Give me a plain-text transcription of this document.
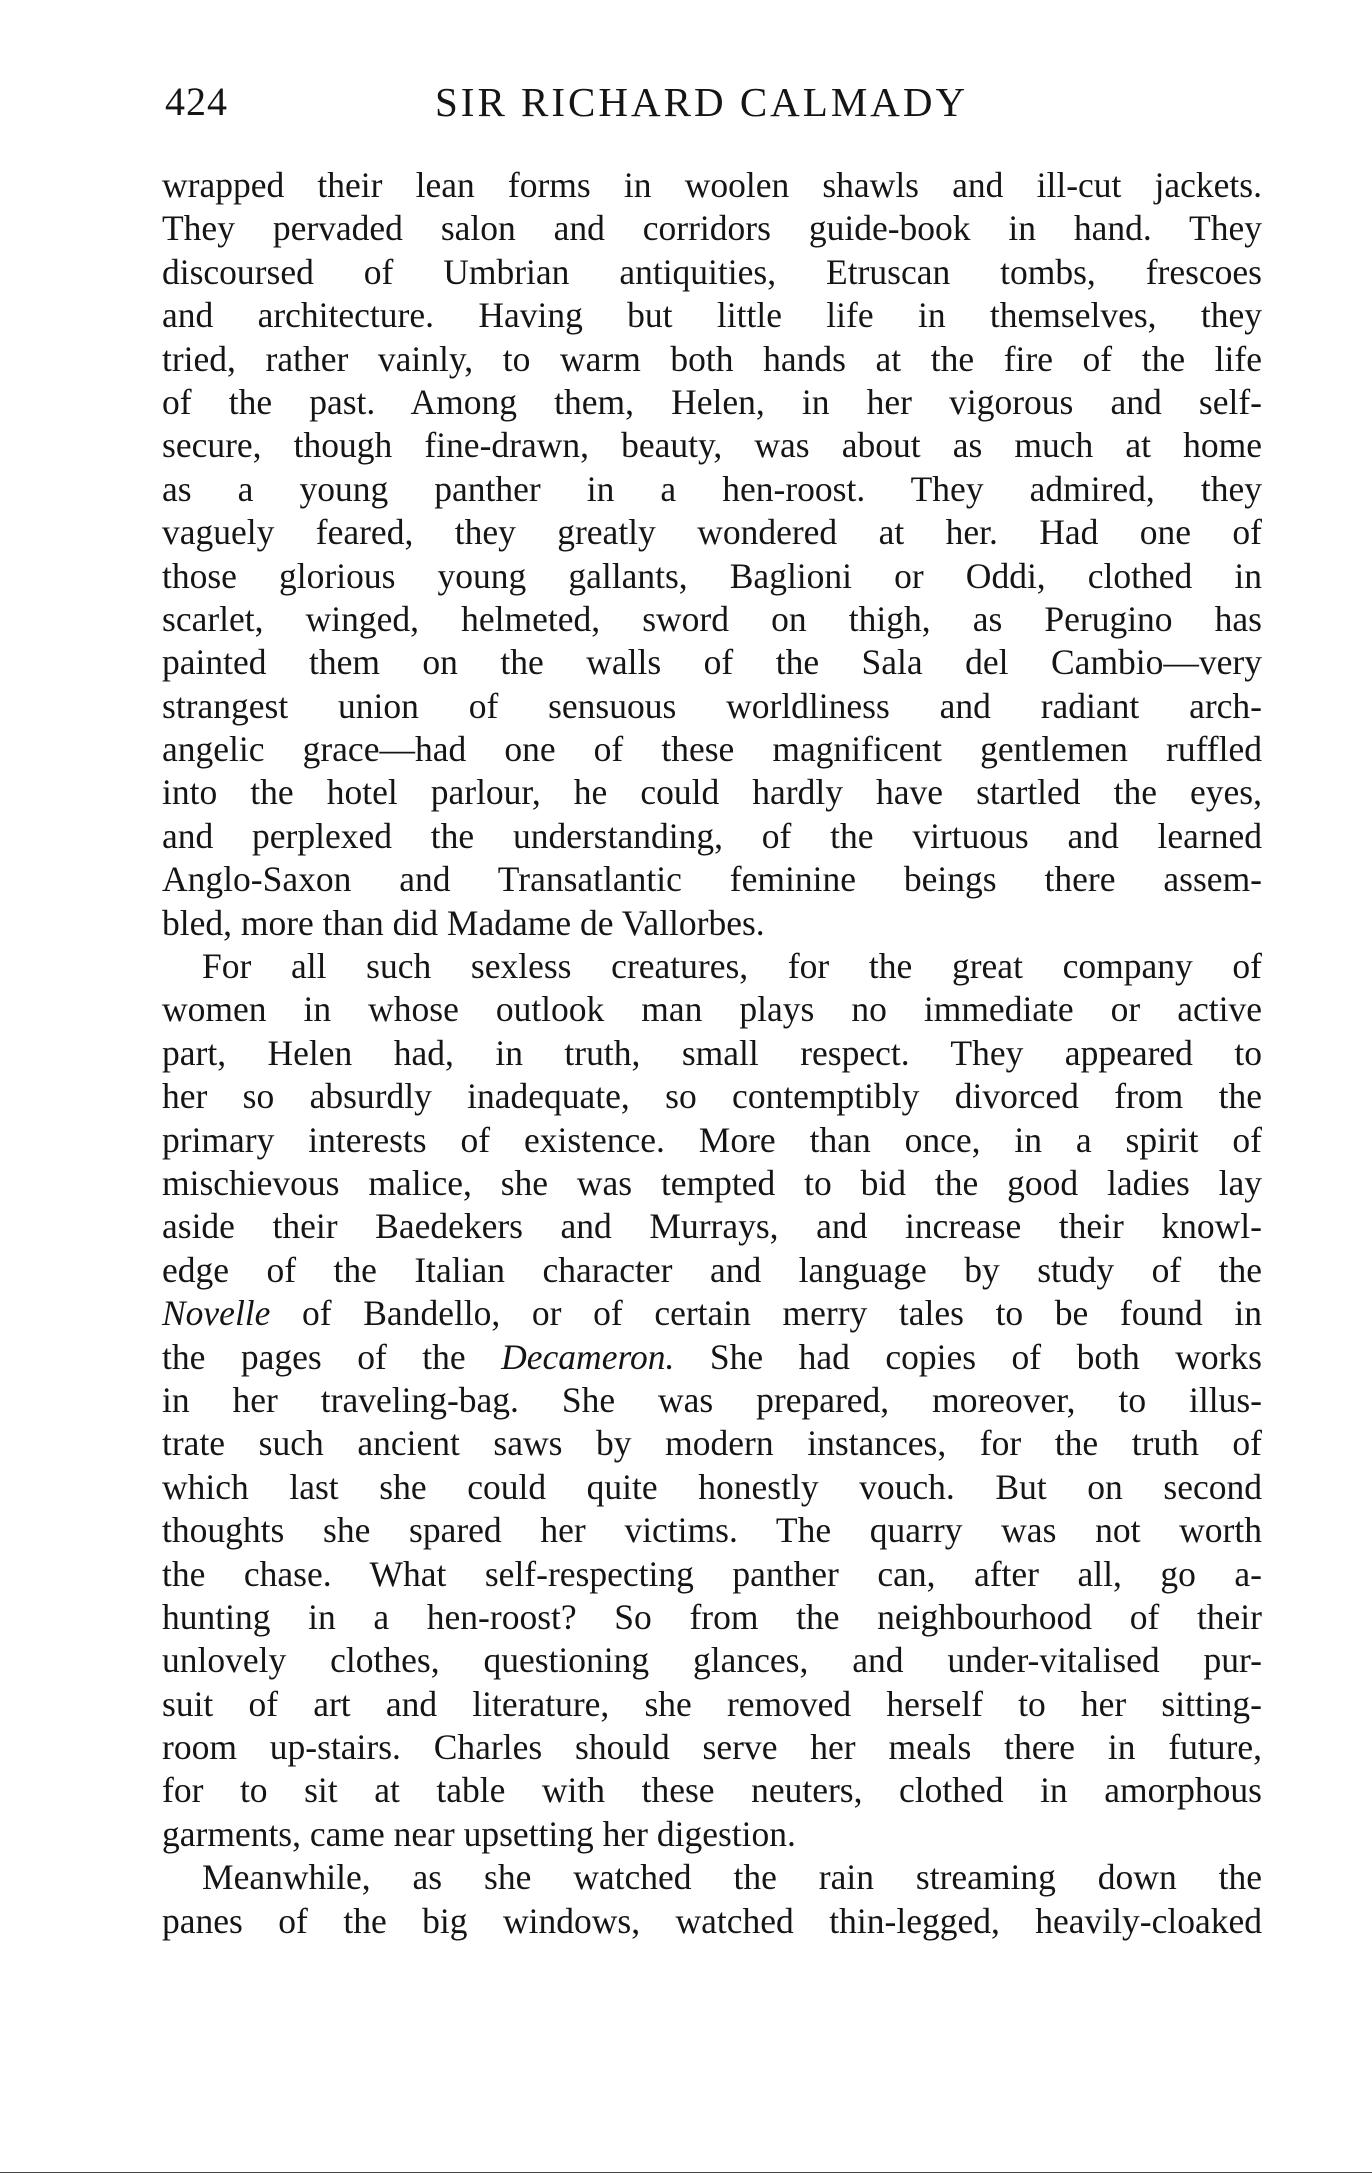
424	SIR RICHARD CALMADY
wrapped their lean forms in woolen shawls and ill-cut jackets.
They pervaded salon and corridors guide-book in hand. They
discoursed of Umbrian antiquities, Etruscan tombs, frescoes
and architecture. Having but little life in themselves, they
tried, rather vainly, to warm both hands at the fire of the life
of the past. Among them, Helen, in her vigorous and self-
secure, though fine-drawn, beauty, was about as much at home
as a young panther in a hen-roost. They admired, they
vaguely feared, they greatly wondered at her. Had one of
those glorious young gallants, Baglioni or Oddi, clothed in
scarlet, winged, helmeted, sword on thigh, as Perugino has
painted them on the walls of the Sala del Cambio—very
strangest union of sensuous worldliness and radiant arch-
angelic grace—had one of these magnificent gentlemen ruffled
into the hotel parlour, he could hardly have startled the eyes,
and perplexed the understanding, of the virtuous and learned
Anglo-Saxon and Transatlantic feminine beings there assem-
bled, more than did Madame de Vallorbes.
For all such sexless creatures, for the great company of
women in whose outlook man plays no immediate or active
part, Helen had, in truth, small respect. They appeared to
her so absurdly inadequate, so contemptibly divorced from the
primary interests of existence. More than once, in a spirit of
mischievous malice, she was tempted to bid the good ladies lay
aside their Baedekers and Murrays, and increase their knowl-
edge of the Italian character and language by study of the
Novelle of Bandello, or of certain merry tales to be found in
the pages of the Decameron. She had copies of both works
in her traveling-bag. She was prepared, moreover, to illus-
trate such ancient saws by modern instances, for the truth of
which last she could quite honestly vouch. But on second
thoughts she spared her victims. The quarry was not worth
the chase. What self-respecting panther can, after all, go a-
hunting in a hen-roost? So from the neighbourhood of their
unlovely clothes, questioning glances, and under-vitalised pur-
suit of art and literature, she removed herself to her sitting-
room up-stairs. Charles should serve her meals there in future,
for to sit at table with these neuters, clothed in amorphous
garments, came near upsetting her digestion.
Meanwhile, as she watched the rain streaming down the
panes of the big windows, watched thin-legged, heavily-cloaked
